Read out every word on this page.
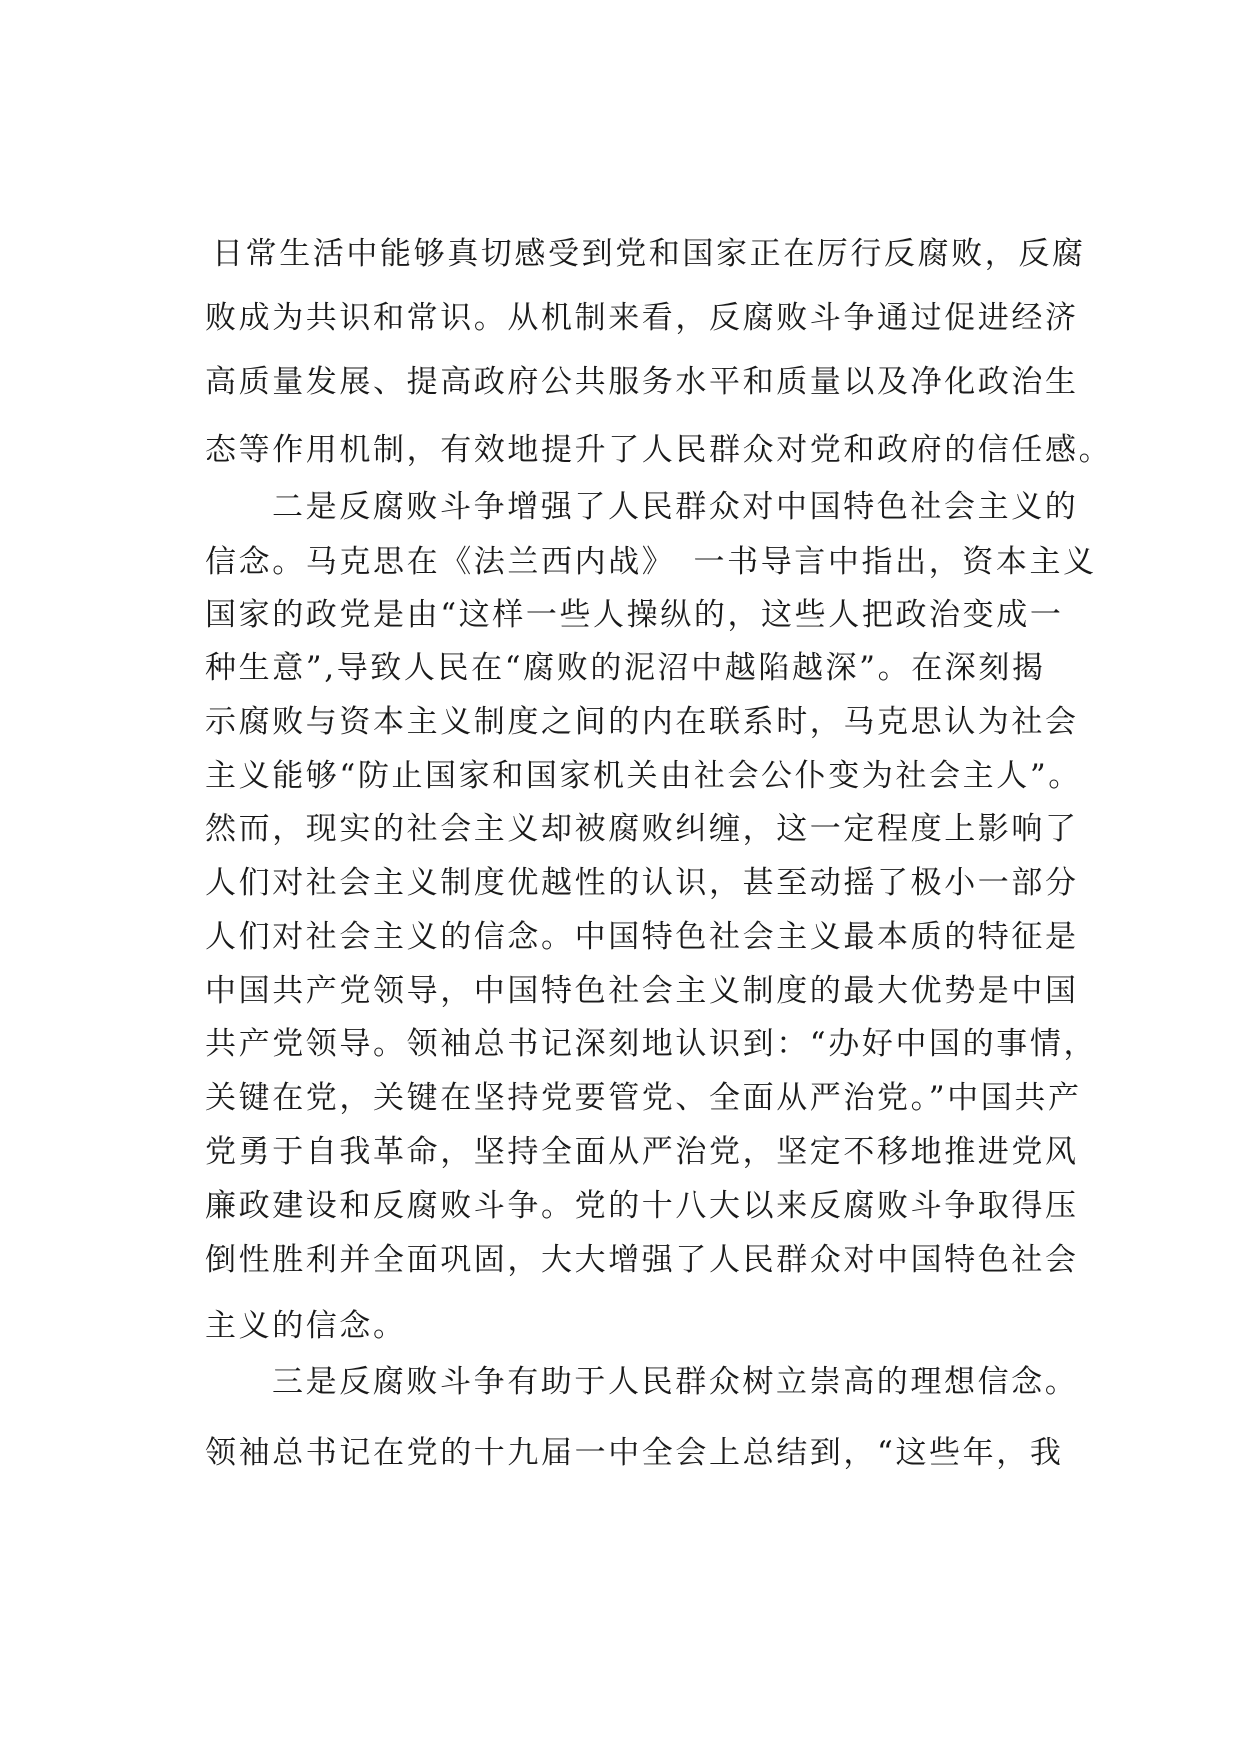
日常生活中能够真切感受到党和国家正在厉行反腐败，反腐
败成为共识和常识。从机制来看，反腐败斗争通过促进经济
高质量发展、提高政府公共服务水平和质量以及净化政治生
态等作用机制，有效地提升了人民群众对党和政府的信任感。
二是反腐败斗争增强了人民群众对中国特色社会主义的
信念。马克思在《法兰西内战》　一书导言中指出，资本主义
国家的政党是由“这样一些人操纵的，这些人把政治变成一
种生意”,导致人民在“腐败的泥沼中越陷越深”。在深刻揭
示腐败与资本主义制度之间的内在联系时，马克思认为社会
主义能够“防止国家和国家机关由社会公仆变为社会主人”。
然而，现实的社会主义却被腐败纠缠，这一定程度上影响了
人们对社会主义制度优越性的认识，甚至动摇了极小一部分
人们对社会主义的信念。中国特色社会主义最本质的特征是
中国共产党领导，中国特色社会主义制度的最大优势是中国
共产党领导。领袖总书记深刻地认识到：“办好中国的事情，
关键在党，关键在坚持党要管党、全面从严治党。”中国共产
党勇于自我革命，坚持全面从严治党，坚定不移地推进党风
廉政建设和反腐败斗争。党的十八大以来反腐败斗争取得压
倒性胜利并全面巩固，大大增强了人民群众对中国特色社会
主义的信念。
三是反腐败斗争有助于人民群众树立崇高的理想信念。
领袖总书记在党的十九届一中全会上总结到，“这些年，我
